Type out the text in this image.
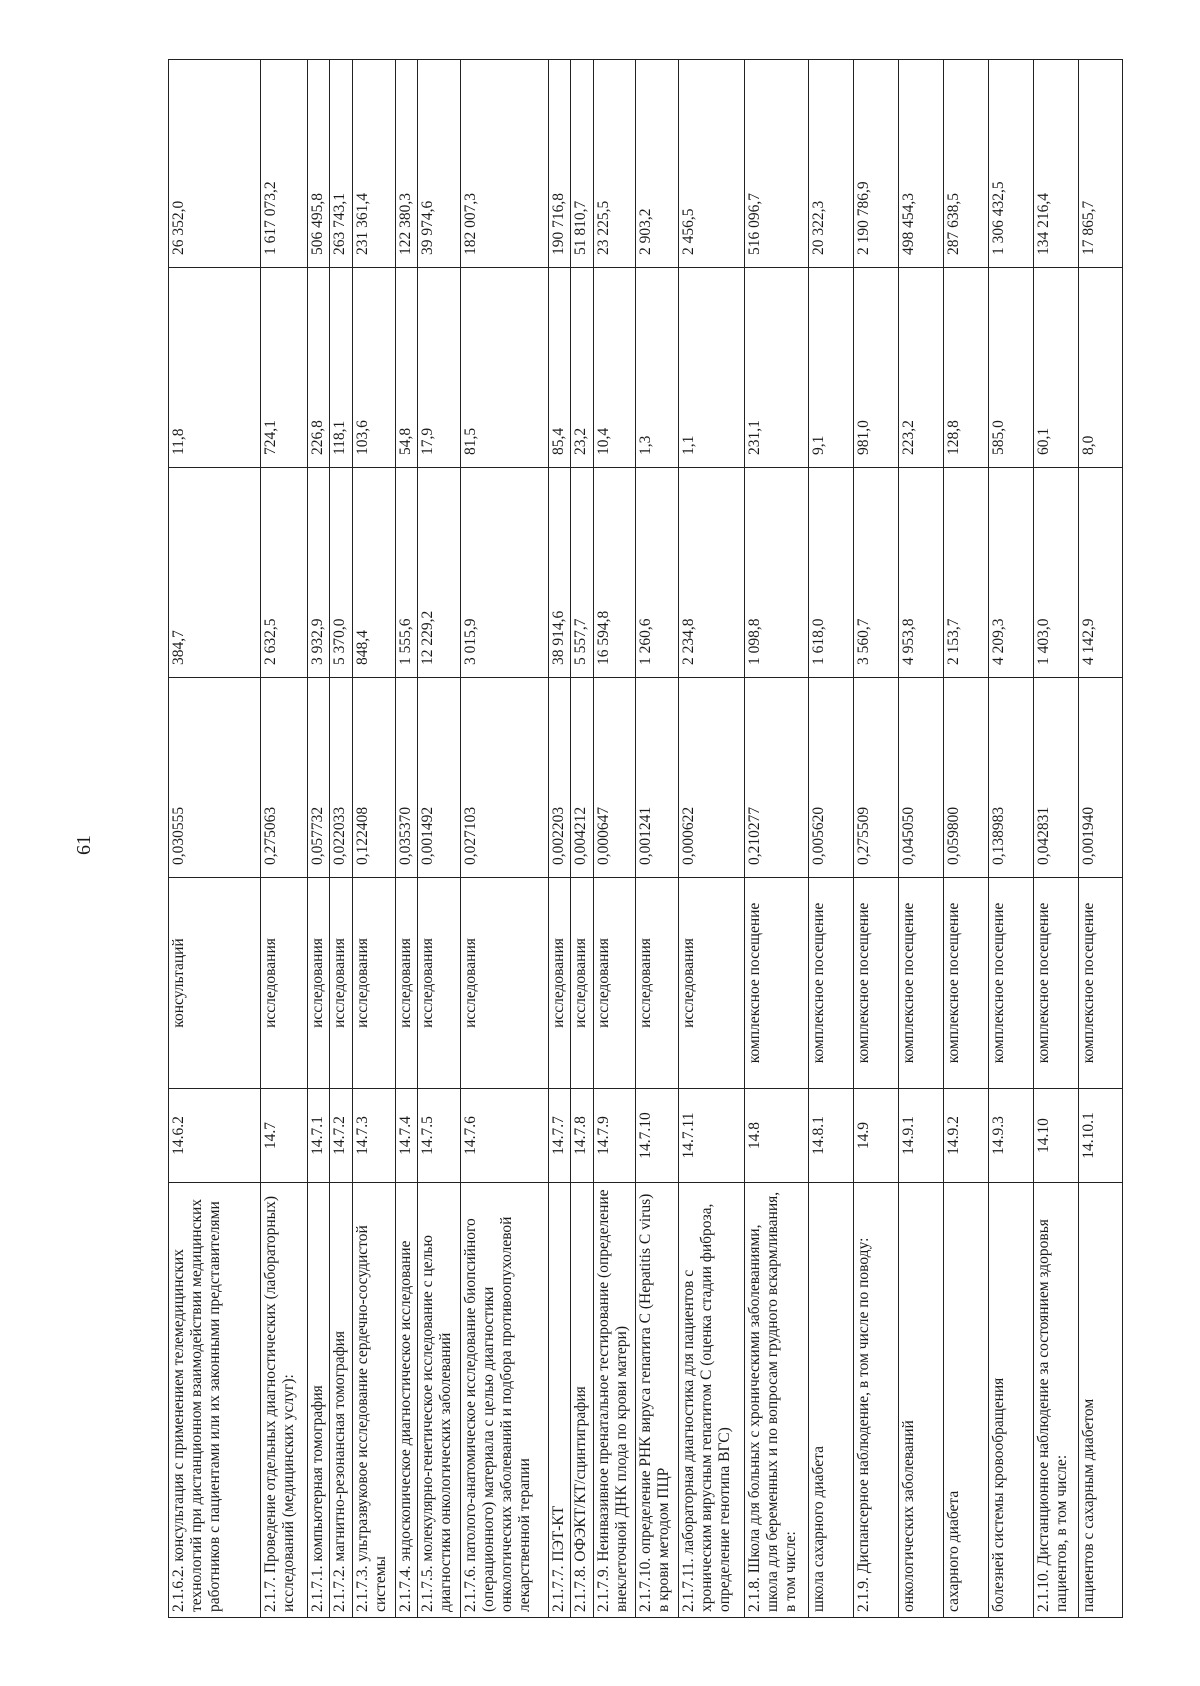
61
2.1.6.2. консультация с применением телемедицинских технологий при дистанционном взаимодействии медицинских работников с пациентами или их законными представителями	14.6.2	консультаций	0,030555	384,7	11,8	26 352,0
2.1.7. Проведение отдельных диагностических (лабораторных) исследований (медицинских услуг):	14.7	исследования	0,275063	2 632,5	724,1	1 617 073,2
2.1.7.1. компьютерная томография	14.7.1	исследования	0,057732	3 932,9	226,8	506 495,8
2.1.7.2. магнитно-резонансная томография	14.7.2	исследования	0,022033	5 370,0	118,1	263 743,1
2.1.7.3. ультразвуковое исследование сердечно-сосудистой системы	14.7.3	исследования	0,122408	848,4	103,6	231 361,4
2.1.7.4. эндоскопическое диагностическое исследование	14.7.4	исследования	0,035370	1 555,6	54,8	122 380,3
2.1.7.5. молекулярно-генетическое исследование с целью диагностики онкологических заболеваний	14.7.5	исследования	0,001492	12 229,2	17,9	39 974,6
2.1.7.6. патолого-анатомическое исследование биопсийного (операционного) материала с целью диагностики онкологических заболеваний и подбора противоопухолевой лекарственной терапии	14.7.6	исследования	0,027103	3 015,9	81,5	182 007,3
2.1.7.7. ПЭТ-КТ	14.7.7	исследования	0,002203	38 914,6	85,4	190 716,8
2.1.7.8. ОФЭКТ/КТ/сцинтиграфия	14.7.8	исследования	0,004212	5 557,7	23,2	51 810,7
2.1.7.9. Неинвазивное пренатальное тестирование (определение внеклеточной ДНК плода по крови матери)	14.7.9	исследования	0,000647	16 594,8	10,4	23 225,5
2.1.7.10. определение РНК вируса гепатита С (Hepatitis C virus) в крови методом ПЦР	14.7.10	исследования	0,001241	1 260,6	1,3	2 903,2
2.1.7.11. лабораторная диагностика для пациентов с хроническим вирусным гепатитом С (оценка стадии фиброза, определение генотипа ВГС)	14.7.11	исследования	0,000622	2 234,8	1,1	2 456,5
2.1.8. Школа для больных с хроническими заболеваниями, школа для беременных и по вопросам грудного вскармливания, в том числе:	14.8	комплексное посещение	0,210277	1 098,8	231,1	516 096,7
школа сахарного диабета	14.8.1	комплексное посещение	0,005620	1 618,0	9,1	20 322,3
2.1.9. Диспансерное наблюдение, в том числе по поводу:	14.9	комплексное посещение	0,275509	3 560,7	981,0	2 190 786,9
онкологических заболеваний	14.9.1	комплексное посещение	0,045050	4 953,8	223,2	498 454,3
сахарного диабета	14.9.2	комплексное посещение	0,059800	2 153,7	128,8	287 638,5
болезней системы кровообращения	14.9.3	комплексное посещение	0,138983	4 209,3	585,0	1 306 432,5
2.1.10. Дистанционное наблюдение за состоянием здоровья пациентов, в том числе:	14.10	комплексное посещение	0,042831	1 403,0	60,1	134 216,4
пациентов с сахарным диабетом	14.10.1	комплексное посещение	0,001940	4 142,9	8,0	17 865,7
